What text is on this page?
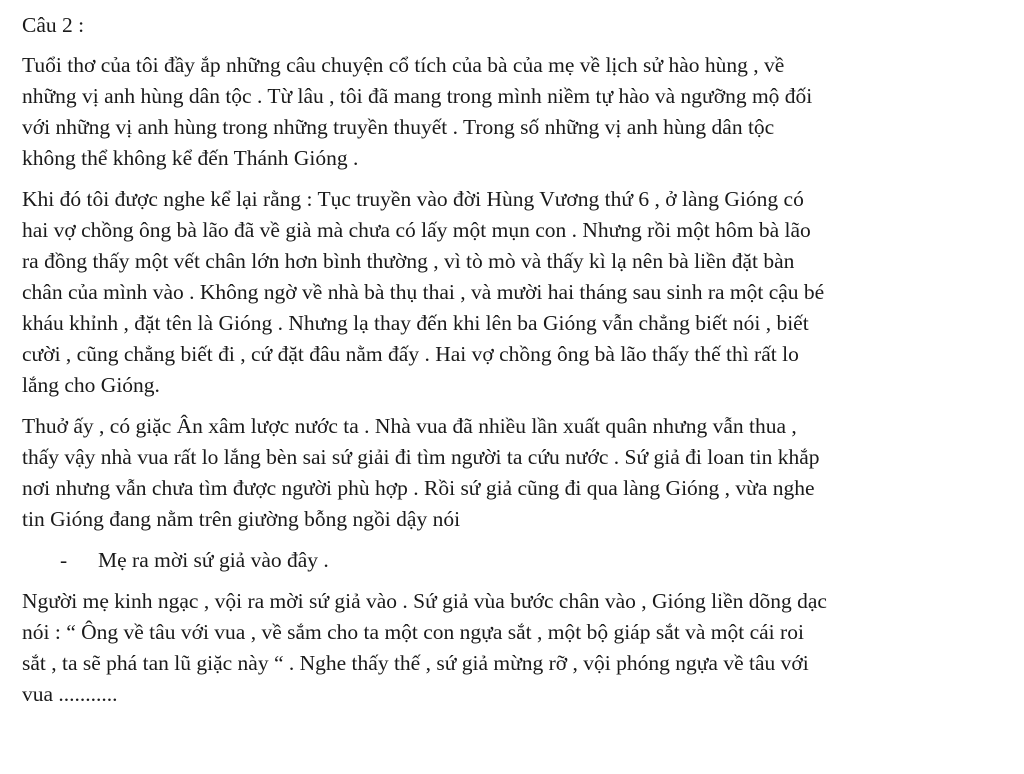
Câu 2 :
Tuổi thơ của tôi đầy ắp những câu chuyện cổ tích của bà của mẹ về lịch sử hào hùng , về
những vị anh hùng dân tộc . Từ lâu , tôi đã mang trong mình niềm tự hào và ngưỡng mộ đối
với những vị anh hùng trong những truyền thuyết . Trong số những vị anh hùng dân tộc
không thể không kể đến Thánh Gióng .
Khi đó tôi được nghe kể lại rằng : Tục truyền vào đời Hùng Vương thứ 6 , ở làng Gióng có
hai vợ chồng ông bà lão đã về già mà chưa có lấy một mụn con . Nhưng rồi một hôm bà lão
ra đồng thấy một vết chân lớn hơn bình thường , vì tò mò và thấy kì lạ nên bà liền đặt bàn
chân của mình vào . Không ngờ về nhà bà thụ thai , và mười hai tháng sau sinh ra một cậu bé
kháu khỉnh , đặt tên là Gióng . Nhưng lạ thay đến khi lên ba Gióng vẫn chẳng biết nói , biết
cười , cũng chẳng biết đi , cứ đặt đâu nằm đấy . Hai vợ chồng ông bà lão thấy thế thì rất lo
lắng cho Gióng.
Thuở ấy , có giặc Ân xâm lược nước ta . Nhà vua đã nhiều lần xuất quân nhưng vẫn thua ,
thấy vậy nhà vua rất lo lắng bèn sai sứ giải đi tìm người ta cứu nước . Sứ giả đi loan tin khắp
nơi nhưng vẫn chưa tìm được người phù hợp . Rồi sứ giả cũng đi qua làng Gióng , vừa nghe
tin Gióng đang nằm trên giường bỗng ngồi dậy nói
-	Mẹ ra mời sứ giả vào đây .
Người mẹ kinh ngạc , vội ra mời sứ giả vào . Sứ giả vùa bước chân vào , Gióng liền dõng dạc
nói : “ Ông về tâu với vua , về sắm cho ta một con ngựa sắt , một bộ giáp sắt và một cái roi
sắt , ta sẽ phá tan lũ giặc này “ . Nghe thấy thế , sứ giả mừng rỡ , vội phóng ngựa về tâu với
vua ...........
